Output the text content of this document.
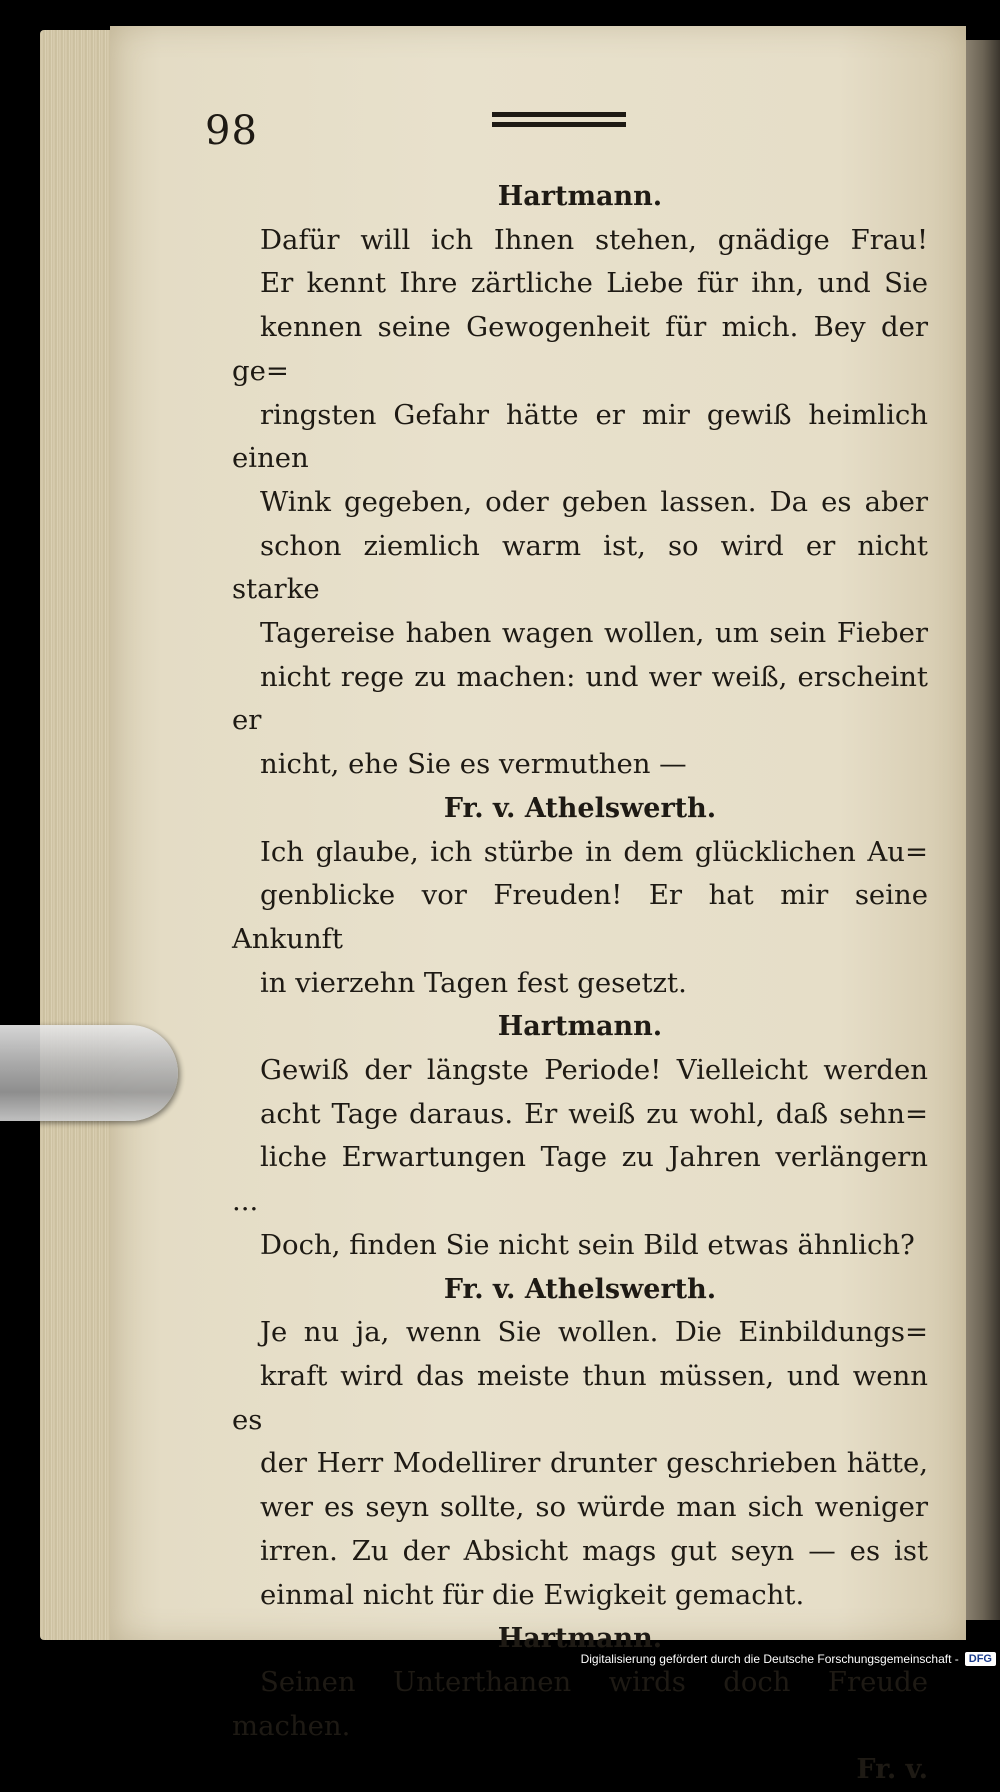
98
Hartmann.

Dafür will ich Ihnen stehen, gnädige Frau!

Er kennt Ihre zärtliche Liebe für ihn, und Sie

kennen seine Gewogenheit für mich. Bey der ge=

ringsten Gefahr hätte er mir gewiß heimlich einen

Wink gegeben, oder geben lassen. Da es aber

schon ziemlich warm ist, so wird er nicht starke

Tagereise haben wagen wollen, um sein Fieber

nicht rege zu machen: und wer weiß, erscheint er

nicht, ehe Sie es vermuthen —

Fr. v. Athelswerth.

Ich glaube, ich stürbe in dem glücklichen Au=

genblicke vor Freuden! Er hat mir seine Ankunft

in vierzehn Tagen fest gesetzt.

Hartmann.

Gewiß der längste Periode! Vielleicht werden

acht Tage daraus. Er weiß zu wohl, daß sehn=

liche Erwartungen Tage zu Jahren verlängern ...

Doch, finden Sie nicht sein Bild etwas ähnlich?

Fr. v. Athelswerth.

Je nu ja, wenn Sie wollen. Die Einbildungs=

kraft wird das meiste thun müssen, und wenn es

der Herr Modellirer drunter geschrieben hätte,

wer es seyn sollte, so würde man sich weniger

irren. Zu der Absicht mags gut seyn — es ist

einmal nicht für die Ewigkeit gemacht.

Hartmann.

Seinen Unterthanen wirds doch Freude machen.

Fr. v.
Digitalisierung gefördert durch die Deutsche Forschungsgemeinschaft - DFG
